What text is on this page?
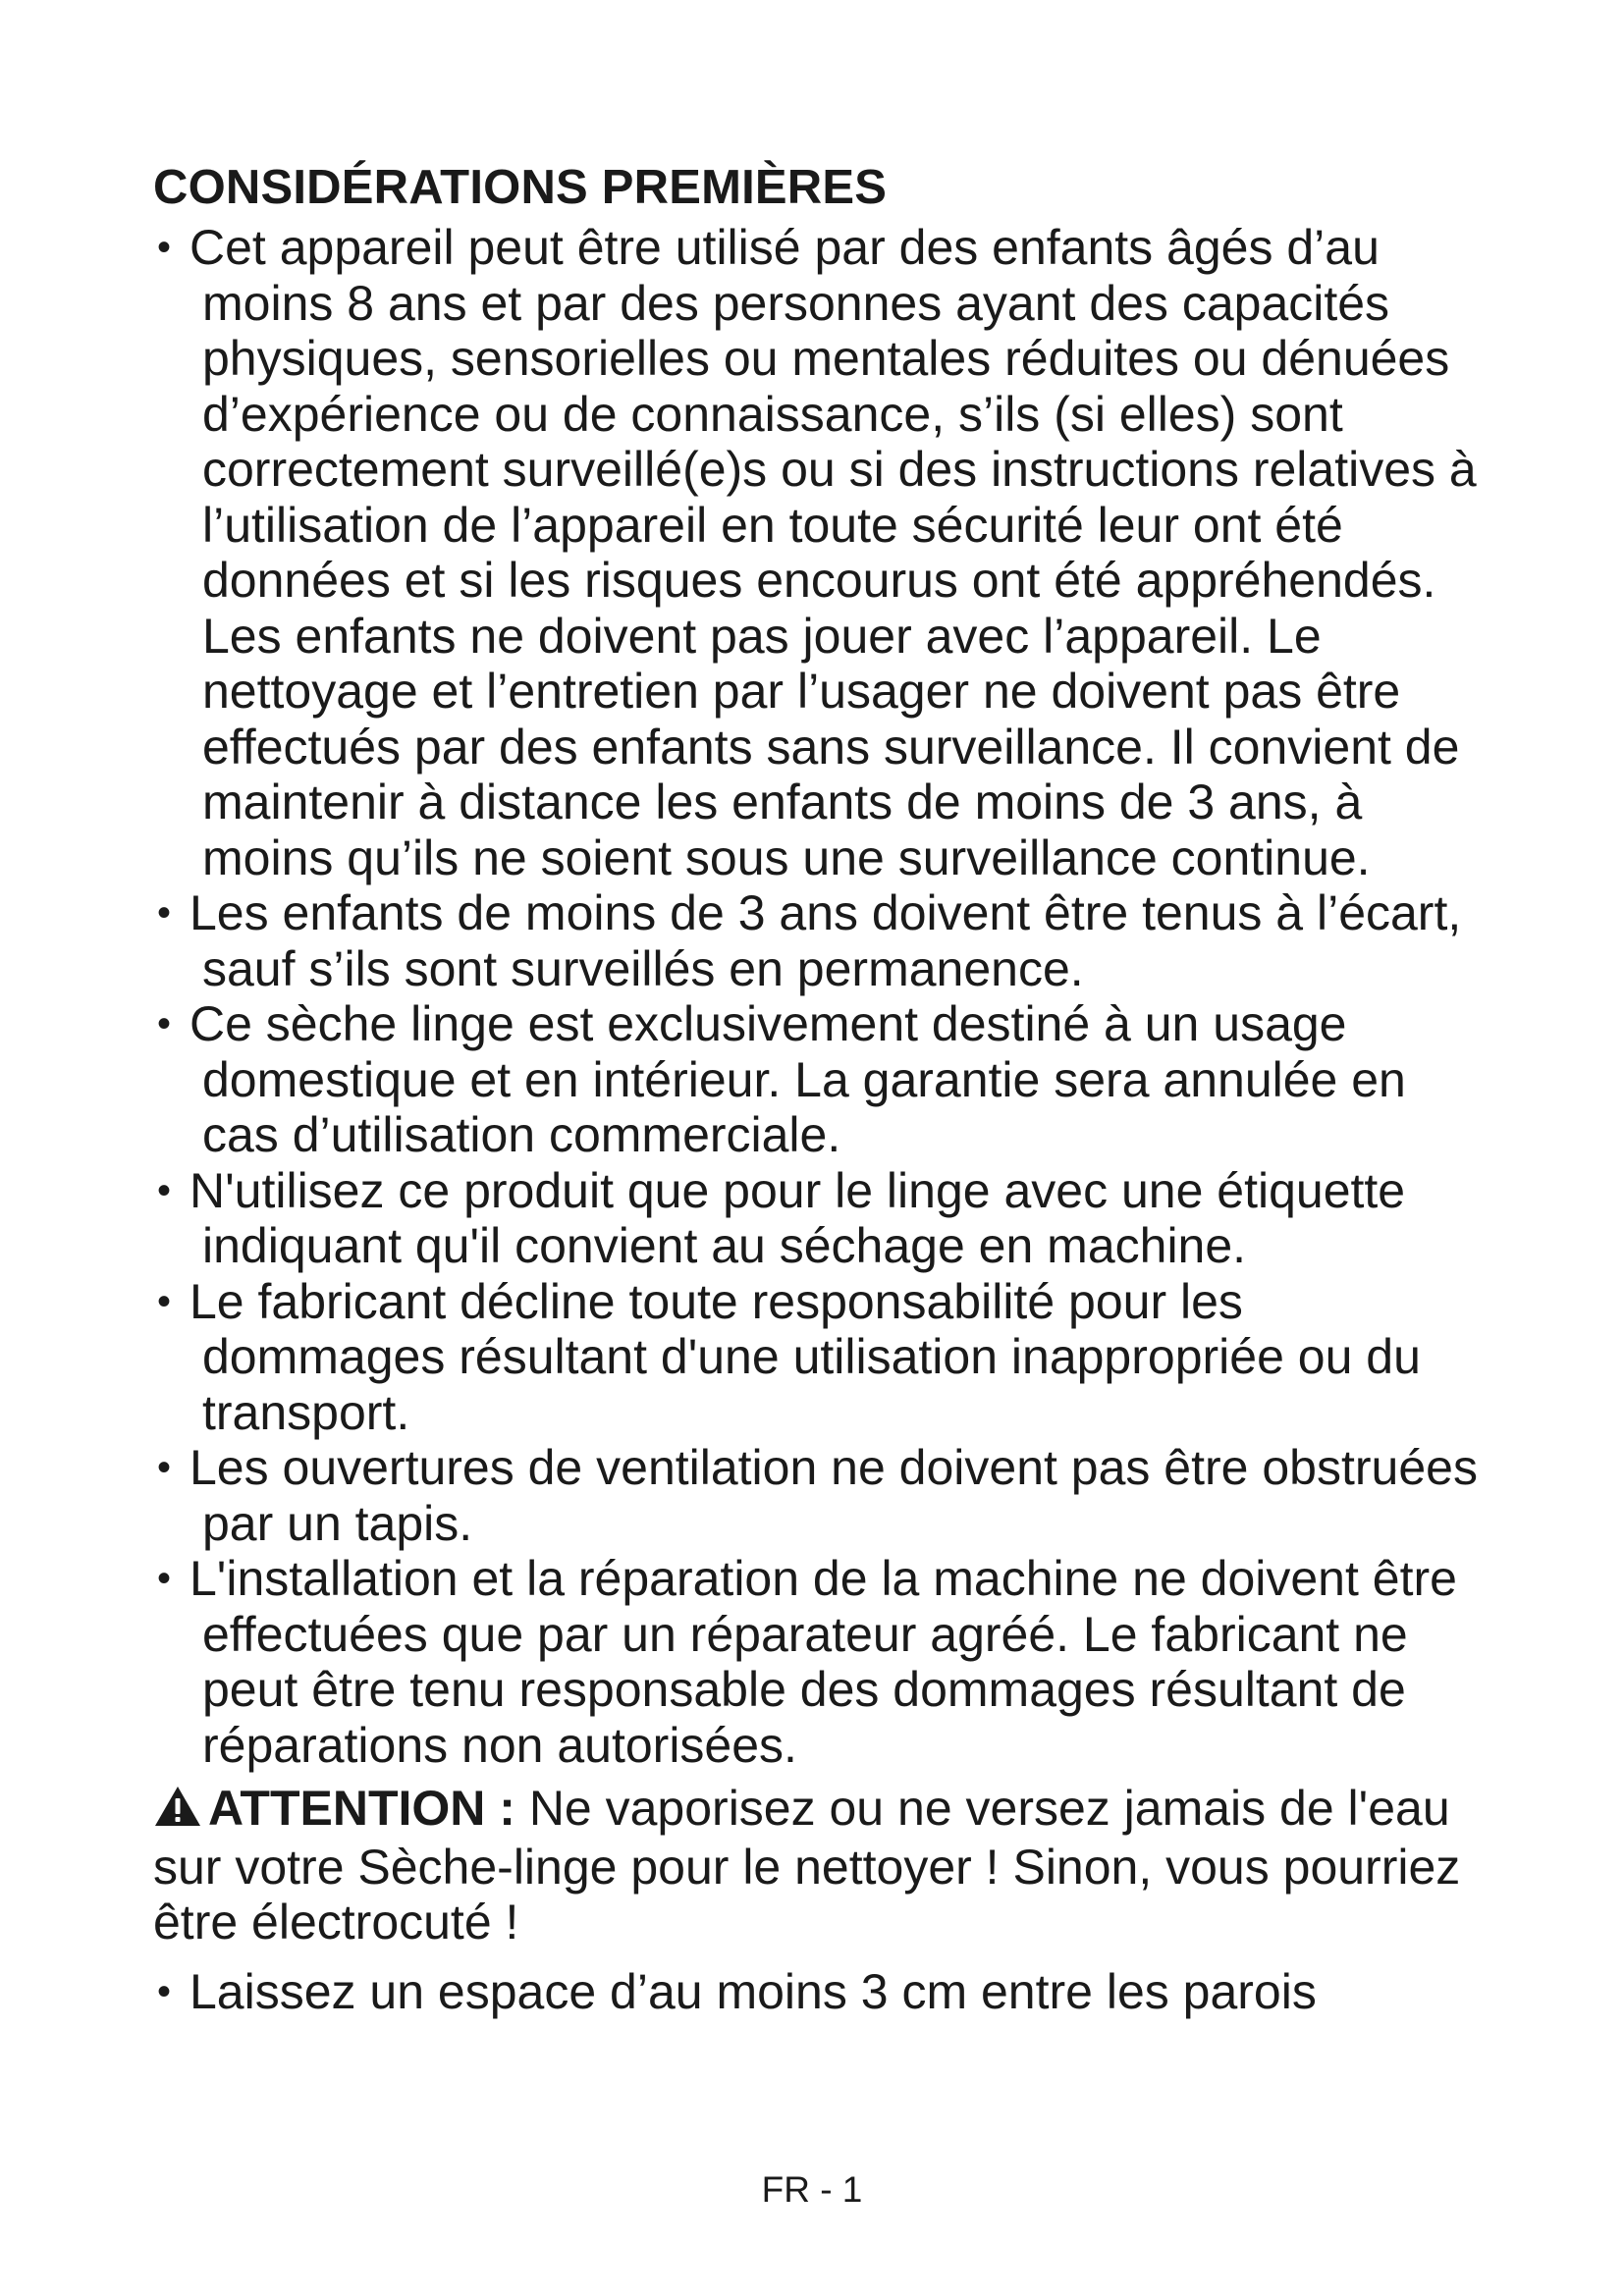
CONSIDÉRATIONS PREMIÈRES
• Cet appareil peut être utilisé par des enfants âgés d’au moins 8 ans et par des personnes ayant des capacités physiques, sensorielles ou mentales réduites ou dénuées d’expérience ou de connaissance, s’ils (si elles) sont correctement surveillé(e)s ou si des instructions relatives à l’utilisation de l’appareil en toute sécurité leur ont été données et si les risques encourus ont été appréhendés. Les enfants ne doivent pas jouer avec l’appareil. Le nettoyage et l’entretien par l’usager ne doivent pas être effectués par des enfants sans surveillance. Il convient de maintenir à distance les enfants de moins de 3 ans, à moins qu’ils ne soient sous une surveillance continue.
• Les enfants de moins de 3 ans doivent être tenus à l’écart, sauf s’ils sont surveillés en permanence.
• Ce sèche linge est exclusivement destiné à un usage domestique et en intérieur. La garantie sera annulée en cas d’utilisation commerciale.
• N'utilisez ce produit que pour le linge avec une étiquette indiquant qu'il convient au séchage en machine.
• Le fabricant décline toute responsabilité pour les dommages résultant d'une utilisation inappropriée ou du transport.
• Les ouvertures de ventilation ne doivent pas être obstruées par un tapis.
• L'installation et la réparation de la machine ne doivent être effectuées que par un réparateur agréé. Le fabricant ne peut être tenu responsable des dommages résultant de réparations non autorisées.

ATTENTION : Ne vaporisez ou ne versez jamais de l'eau sur votre Sèche-linge pour le nettoyer ! Sinon, vous pourriez être électrocuté !

• Laissez un espace d’au moins 3 cm entre les parois
FR - 1
